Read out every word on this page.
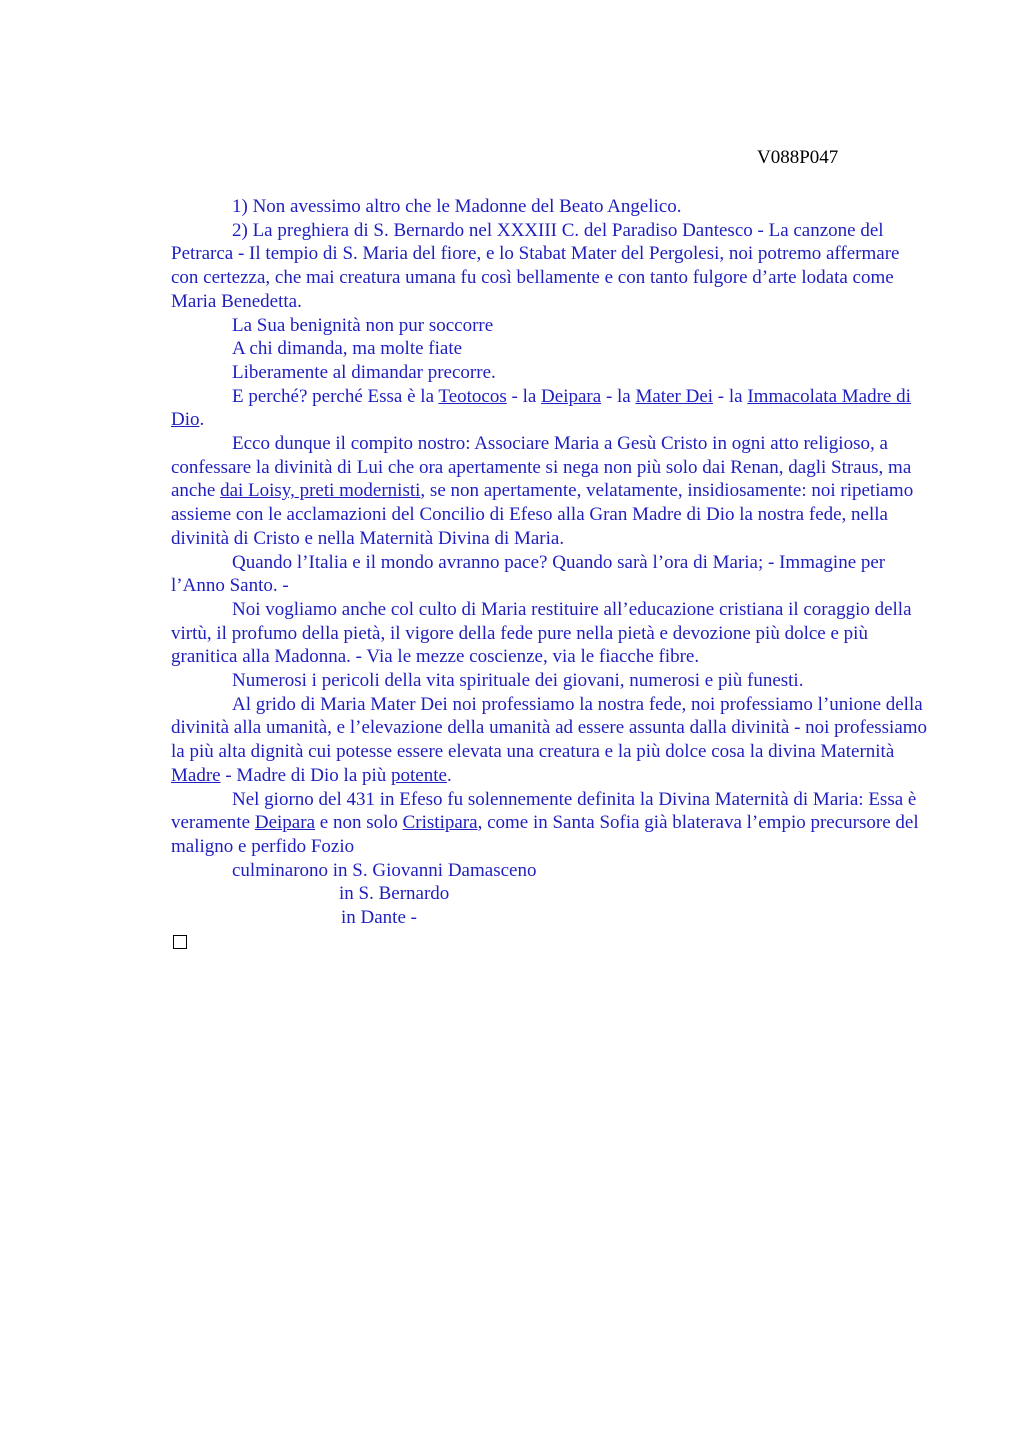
V088P047

1) Non avessimo altro che le Madonne del Beato Angelico.

2) La preghiera di S. Bernardo nel XXXIII C. del Paradiso Dantesco - La canzone del Petrarca - Il tempio di S. Maria del fiore, e lo Stabat Mater del Pergolesi, noi potremo affermare con certezza, che mai creatura umana fu così bellamente e con tanto fulgore d’arte lodata come Maria Benedetta.

La Sua benignità non pur soccorre

A chi dimanda, ma molte fiate

Liberamente al dimandar precorre.

E perché? perché Essa è la Teotocos - la Deipara - la Mater Dei - la Immacolata Madre di Dio.

Ecco dunque il compito nostro: Associare Maria a Gesù Cristo in ogni atto religioso, a confessare la divinità di Lui che ora apertamente si nega non più solo dai Renan, dagli Straus, ma anche dai Loisy, preti modernisti, se non apertamente, velatamente, insidiosamente: noi ripetiamo assieme con le acclamazioni del Concilio di Efeso alla Gran Madre di Dio la nostra fede, nella divinità di Cristo e nella Maternità Divina di Maria.

Quando l’Italia e il mondo avranno pace? Quando sarà l’ora di Maria; - Immagine per l’Anno Santo. -

Noi vogliamo anche col culto di Maria restituire all’educazione cristiana il coraggio della virtù, il profumo della pietà, il vigore della fede pure nella pietà e devozione più dolce e più granitica alla Madonna. - Via le mezze coscienze, via le fiacche fibre.

Numerosi i pericoli della vita spirituale dei giovani, numerosi e più funesti.

Al grido di Maria Mater Dei noi professiamo la nostra fede, noi professiamo l’unione della divinità alla umanità, e l’elevazione della umanità ad essere assunta dalla divinità - noi professiamo la più alta dignità cui potesse essere elevata una creatura e la più dolce cosa la divina Maternità Madre - Madre di Dio la più potente.

Nel giorno del 431 in Efeso fu solennemente definita la Divina Maternità di Maria: Essa è veramente Deipara e non solo Cristipara, come in Santa Sofia già blaterava l’empio precursore del maligno e perfido Fozio

culminarono in S. Giovanni Damasceno

in S. Bernardo

in Dante -
